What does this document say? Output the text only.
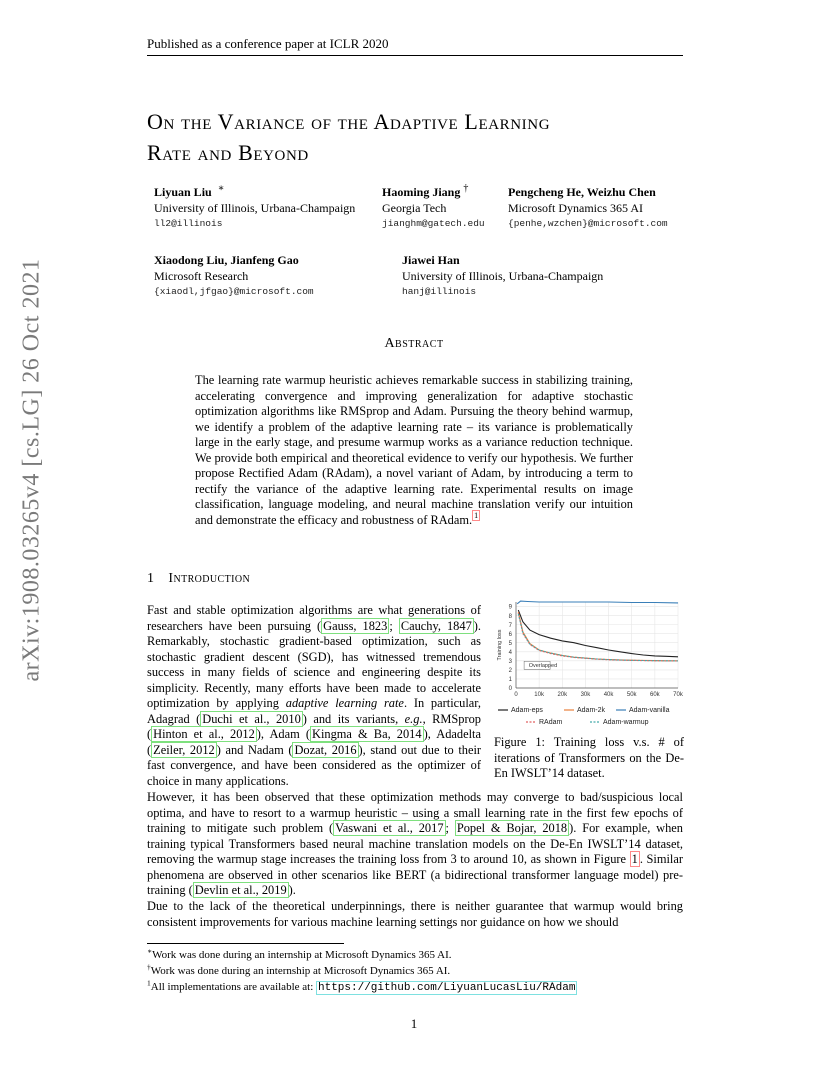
Published as a conference paper at ICLR 2020
arXiv:1908.03265v4 [cs.LG] 26 Oct 2021
On the Variance of the Adaptive Learning
Rate and Beyond
Liyuan Liu ∗
University of Illinois, Urbana-Champaign
ll2@illinois
Haoming Jiang †
Georgia Tech
jianghm@gatech.edu
Pengcheng He, Weizhu Chen
Microsoft Dynamics 365 AI
{penhe,wzchen}@microsoft.com
Xiaodong Liu, Jianfeng Gao
Microsoft Research
{xiaodl,jfgao}@microsoft.com
Jiawei Han
University of Illinois, Urbana-Champaign
hanj@illinois
Abstract
The learning rate warmup heuristic achieves remarkable success in stabilizing training, accelerating convergence and improving generalization for adaptive stochastic optimization algorithms like RMSprop and Adam. Pursuing the theory behind warmup, we identify a problem of the adaptive learning rate – its variance is problematically large in the early stage, and presume warmup works as a variance reduction technique. We provide both empirical and theoretical evidence to verify our hypothesis. We further propose Rectified Adam (RAdam), a novel variant of Adam, by introducing a term to rectify the variance of the adaptive learning rate. Experimental results on image classification, language modeling, and neural machine translation verify our intuition and demonstrate the efficacy and robustness of RAdam. $^1$
1 Introduction
Fast and stable optimization algorithms are what generations of researchers have been pursuing ( Gauss, 1823 ; Cauchy, 1847 ). Remarkably, stochastic gradient-based optimization, such as stochastic gradient descent (SGD), has witnessed tremendous success in many fields of science and engineering despite its simplicity. Recently, many efforts have been made to accelerate optimization by applying adaptive learning rate. In particular, Adagrad ( Duchi et al., 2010 ) and its variants, e.g., RMSprop ( Hinton et al., 2012 ), Adam ( Kingma & Ba, 2014 ), Adadelta ( Zeiler, 2012 ) and Nadam ( Dozat, 2016 ), stand out due to their fast convergence, and have been considered as the optimizer of choice in many applications.
0
1
2
3
4
5
6
7
8
9
0	10k 20k 30k 40k 50k 60k 70k
Training loss
Overlapped
Adam-eps	Adam-2k	Adam-vanilla
RAdam	Adam-warmup
Figure 1: Training loss v.s. # of iterations of Transformers on the De-En IWSLT’14 dataset.
However, it has been observed that these optimization methods may converge to bad/suspicious local optima, and have to resort to a warmup heuristic – using a small learning rate in the first few epochs of training to mitigate such problem ( Vaswani et al., 2017 ; Popel & Bojar, 2018 ). For example, when training typical Transformers based neural machine translation models on the De-En IWSLT’14 dataset, removing the warmup stage increases the training loss from 3 to around 10, as shown in Figure 1 . Similar phenomena are observed in other scenarios like BERT (a bidirectional transformer language model) pre-training ( Devlin et al., 2019 ).
Due to the lack of the theoretical underpinnings, there is neither guarantee that warmup would bring consistent improvements for various machine learning settings nor guidance on how we should
∗Work was done during an internship at Microsoft Dynamics 365 AI.
†Work was done during an internship at Microsoft Dynamics 365 AI.
$^1$All implementations are available at: https://github.com/LiyuanLucasLiu/RAdam
1
